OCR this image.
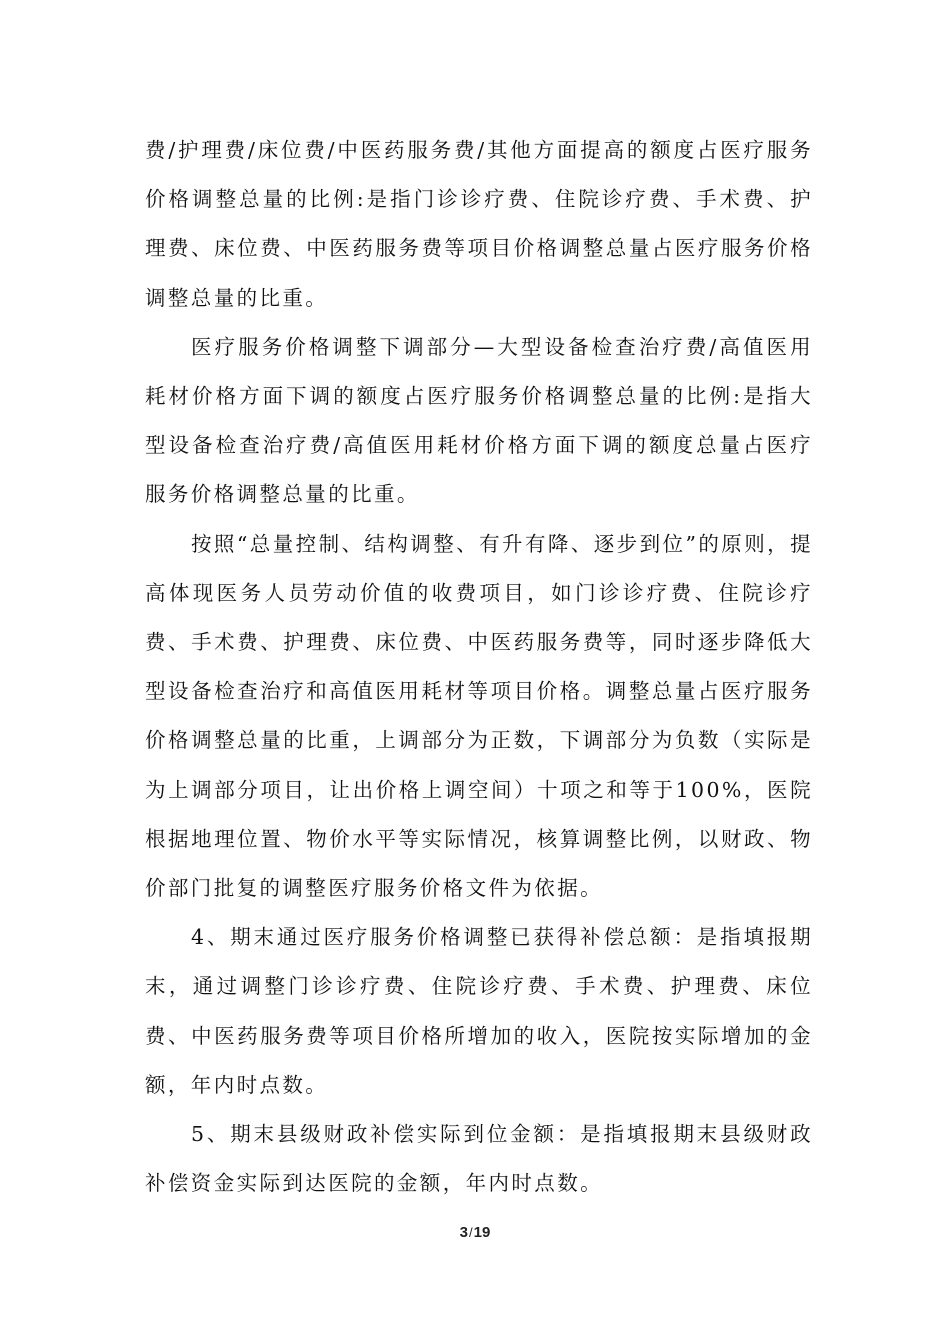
费/护理费/床位费/中医药服务费/其他方面提高的额度占医疗服务价格调整总量的比例:是指门诊诊疗费、住院诊疗费、手术费、护理费、床位费、中医药服务费等项目价格调整总量占医疗服务价格调整总量的比重。

医疗服务价格调整下调部分—大型设备检查治疗费/高值医用耗材价格方面下调的额度占医疗服务价格调整总量的比例:是指大型设备检查治疗费/高值医用耗材价格方面下调的额度总量占医疗服务价格调整总量的比重。

按照“总量控制、结构调整、有升有降、逐步到位”的原则，提高体现医务人员劳动价值的收费项目，如门诊诊疗费、住院诊疗费、手术费、护理费、床位费、中医药服务费等，同时逐步降低大型设备检查治疗和高值医用耗材等项目价格。调整总量占医疗服务价格调整总量的比重，上调部分为正数，下调部分为负数（实际是为上调部分项目，让出价格上调空间）十项之和等于100%，医院根据地理位置、物价水平等实际情况，核算调整比例，以财政、物价部门批复的调整医疗服务价格文件为依据。

4、期末通过医疗服务价格调整已获得补偿总额：是指填报期末，通过调整门诊诊疗费、住院诊疗费、手术费、护理费、床位费、中医药服务费等项目价格所增加的收入，医院按实际增加的金额，年内时点数。

5、期末县级财政补偿实际到位金额：是指填报期末县级财政补偿资金实际到达医院的金额，年内时点数。

3/19
